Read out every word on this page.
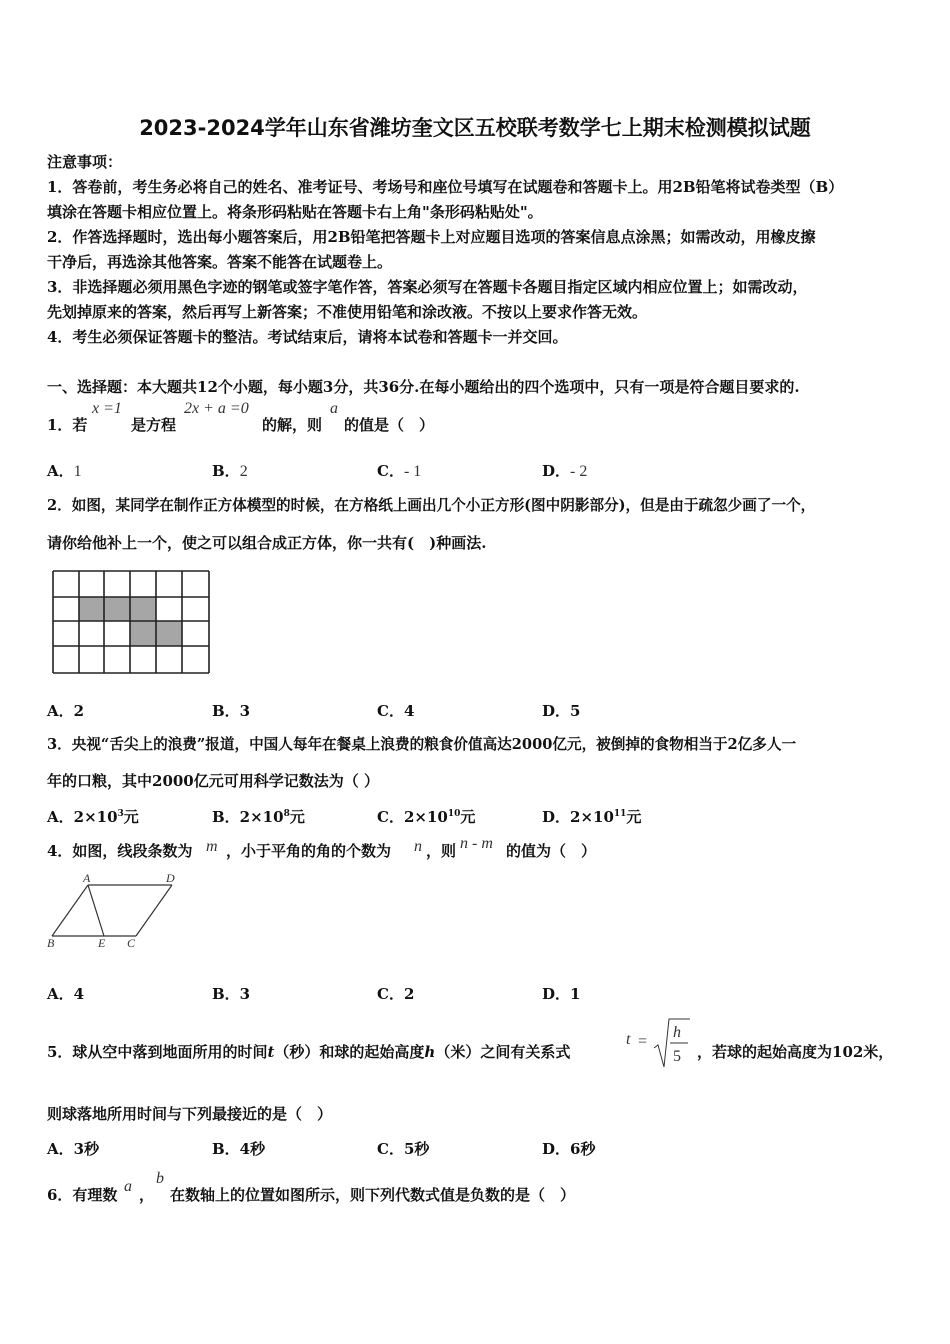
2023-2024学年山东省潍坊奎文区五校联考数学七上期末检测模拟试题
注意事项：
1．答卷前，考生务必将自己的姓名、准考证号、考场号和座位号填写在试题卷和答题卡上。用2B铅笔将试卷类型（B）
填涂在答题卡相应位置上。将条形码粘贴在答题卡右上角"条形码粘贴处"。
2．作答选择题时，选出每小题答案后，用2B铅笔把答题卡上对应题目选项的答案信息点涂黑；如需改动，用橡皮擦
干净后，再选涂其他答案。答案不能答在试题卷上。
3．非选择题必须用黑色字迹的钢笔或签字笔作答，答案必须写在答题卡各题目指定区域内相应位置上；如需改动，
先划掉原来的答案，然后再写上新答案；不准使用铅笔和涂改液。不按以上要求作答无效。
4．考生必须保证答题卡的整洁。考试结束后，请将本试卷和答题卡一并交回。
一、选择题：本大题共12个小题，每小题3分，共36分.在每小题给出的四个选项中，只有一项是符合题目要求的.
1．若
x =1
是方程
2x + a =0
的解，则
a
的值是（　）
A．1	B．2	C．- 1	D．- 2
2．如图，某同学在制作正方体模型的时候，在方格纸上画出几个小正方形(图中阴影部分)，但是由于疏忽少画了一个，
请你给他补上一个，使之可以组合成正方体，你一共有(　)种画法.
A．2	B．3	C．4	D．5
3．央视“舌尖上的浪费”报道，中国人每年在餐桌上浪费的粮食价值高达2000亿元，被倒掉的食物相当于2亿多人一
年的口粮，其中2000亿元可用科学记数法为（ ）
A．$2\times 10^3$元	B．$2\times 10^8$元	C．$2\times 10^{10}$元	D．$2\times 10^{11}$元
4．如图，线段条数为 m ，小于平角的角的个数为 n ，则 n - m 的值为（　）
A	D
B	E C
A．4	B．3	C．2	D．1
5．球从空中落到地面所用的时间t（秒）和球的起始高度h（米）之间有关系式
t =
h
5 ，若球的起始高度为102米，
则球落地所用时间与下列最接近的是（　）
A．3秒	B．4秒	C．5秒	D．6秒
6．有理数 a ，
b
在数轴上的位置如图所示，则下列代数式值是负数的是（　）
